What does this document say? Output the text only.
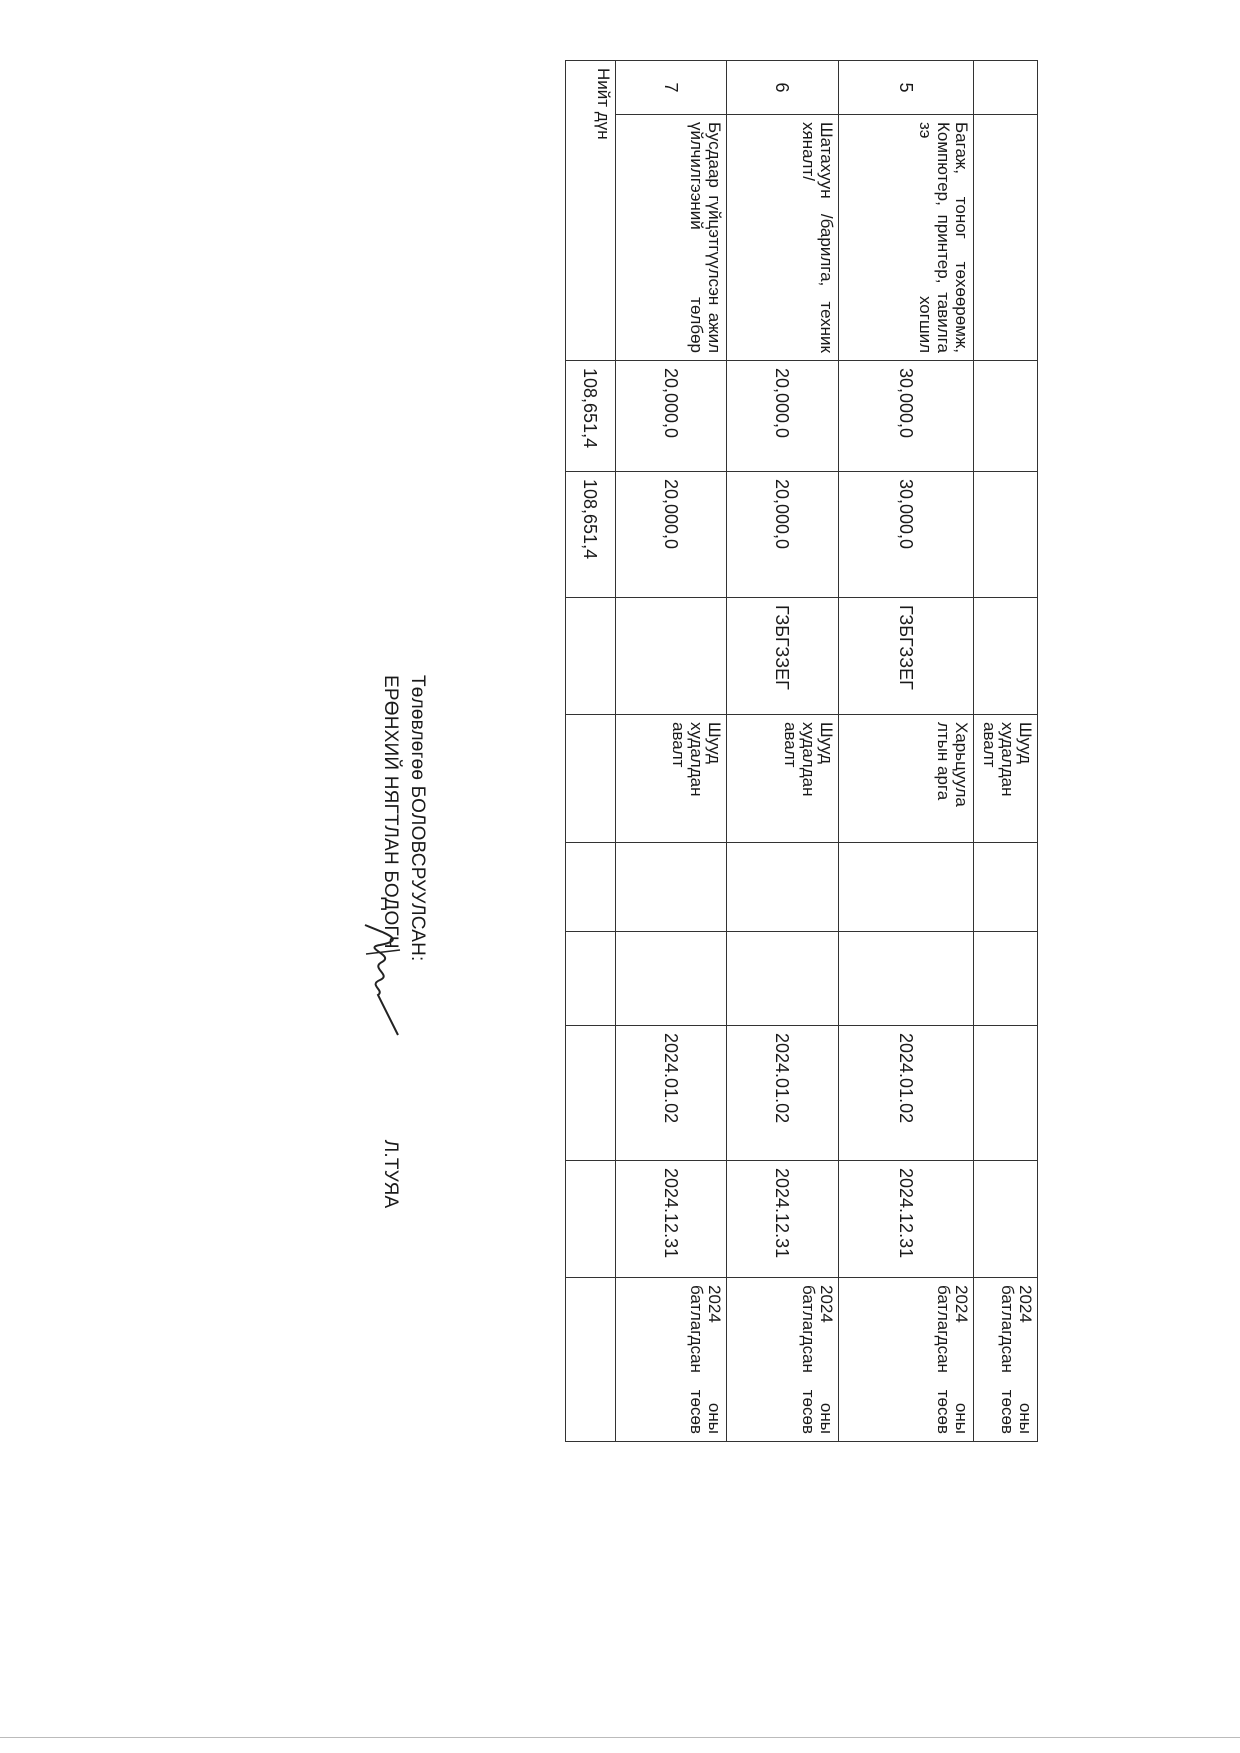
					Шууд худалдан авалт					2024 оны батлагдсан төсөв
5	Багаж, тоног төхөөрөмж, Компютер, принтер, тавилга зэ хогшил	30,000,0	30,000,0	ГЗБГЗЗЕГ	Харьцуула лтын арга			2024.01.02	2024.12.31	2024 оны батлагдсан төсөв
6	Шатахуун /барилга, техник хяналт/	20,000,0	20,000,0	ГЗБГЗЗЕГ	Шууд худалдан авалт			2024.01.02	2024.12.31	2024 оны батлагдсан төсөв
7	Бусдаар гүйцэтгүүлсэн ажил үйлчилгээний төлбөр	20,000,0	20,000,0		Шууд худалдан авалт			2024.01.02	2024.12.31	2024 оны батлагдсан төсөв
Нийт дүн		108,651,4	108,651,4							
Төлөвлөгөө БОЛОВСРУУЛСАН:
ЕРӨНХИЙ НЯГТЛАН БОДОГЧ  Л.ТУЯА
